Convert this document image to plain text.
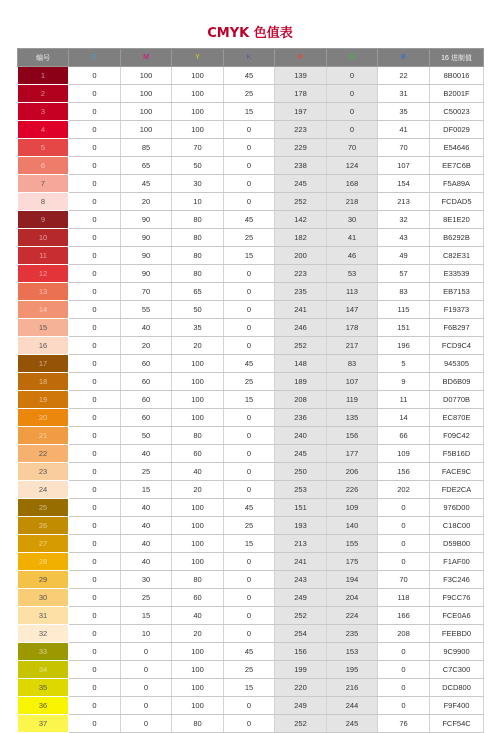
CMYK 色值表
编号	C	M	Y	K	R	G	B	16 进制值
1	0	100	100	45	139	0	22	8B0016
2	0	100	100	25	178	0	31	B2001F
3	0	100	100	15	197	0	35	C50023
4	0	100	100	0	223	0	41	DF0029
5	0	85	70	0	229	70	70	E54646
6	0	65	50	0	238	124	107	EE7C6B
7	0	45	30	0	245	168	154	F5A89A
8	0	20	10	0	252	218	213	FCDAD5
9	0	90	80	45	142	30	32	8E1E20
10	0	90	80	25	182	41	43	B6292B
11	0	90	80	15	200	46	49	C82E31
12	0	90	80	0	223	53	57	E33539
13	0	70	65	0	235	113	83	EB7153
14	0	55	50	0	241	147	115	F19373
15	0	40	35	0	246	178	151	F6B297
16	0	20	20	0	252	217	196	FCD9C4
17	0	60	100	45	148	83	5	945305
18	0	60	100	25	189	107	9	BD6B09
19	0	60	100	15	208	119	11	D0770B
20	0	60	100	0	236	135	14	EC870E
21	0	50	80	0	240	156	66	F09C42
22	0	40	60	0	245	177	109	F5B16D
23	0	25	40	0	250	206	156	FACE9C
24	0	15	20	0	253	226	202	FDE2CA
25	0	40	100	45	151	109	0	976D00
26	0	40	100	25	193	140	0	C18C00
27	0	40	100	15	213	155	0	D59B00
28	0	40	100	0	241	175	0	F1AF00
29	0	30	80	0	243	194	70	F3C246
30	0	25	60	0	249	204	118	F9CC76
31	0	15	40	0	252	224	166	FCE0A6
32	0	10	20	0	254	235	208	FEEBD0
33	0	0	100	45	156	153	0	9C9900
34	0	0	100	25	199	195	0	C7C300
35	0	0	100	15	220	216	0	DCD800
36	0	0	100	0	249	244	0	F9F400
37	0	0	80	0	252	245	76	FCF54C
